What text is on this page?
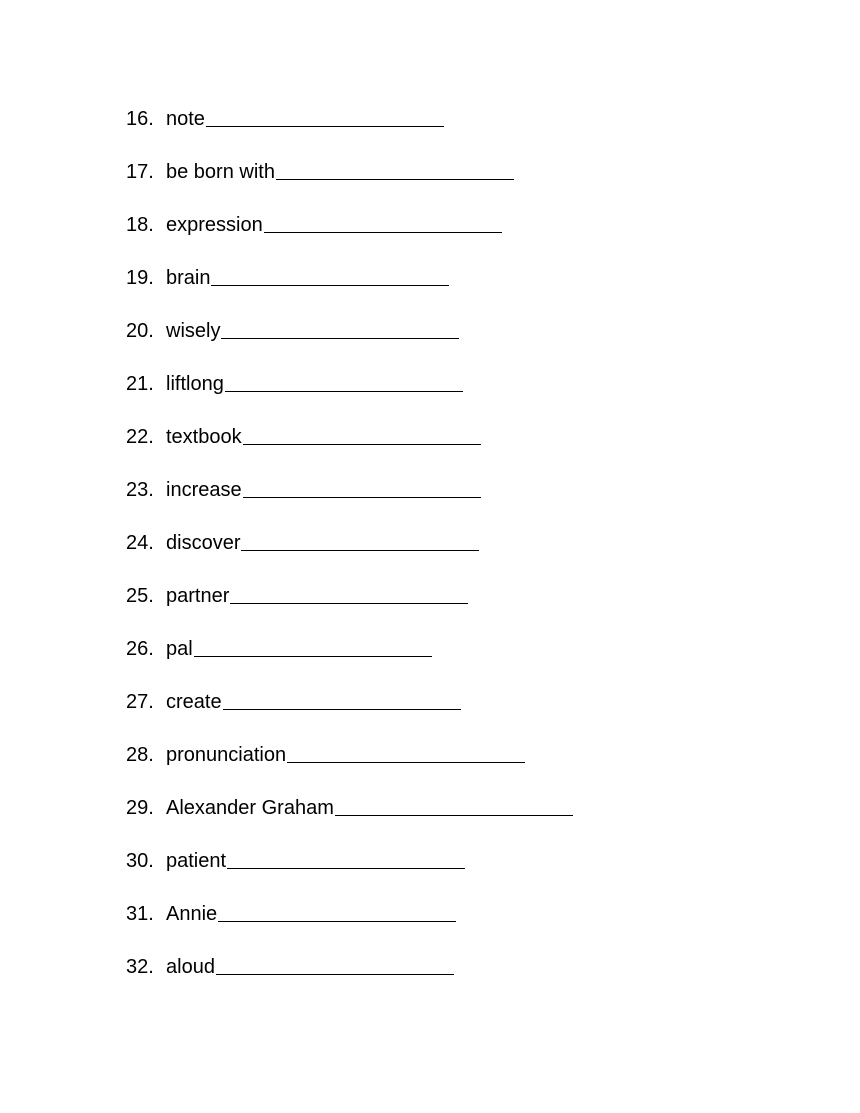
16. note
17. be born with
18. expression
19. brain
20. wisely
21. liftlong
22. textbook
23. increase
24. discover
25. partner
26. pal
27. create
28. pronunciation
29. Alexander Graham
30. patient
31. Annie
32. aloud
